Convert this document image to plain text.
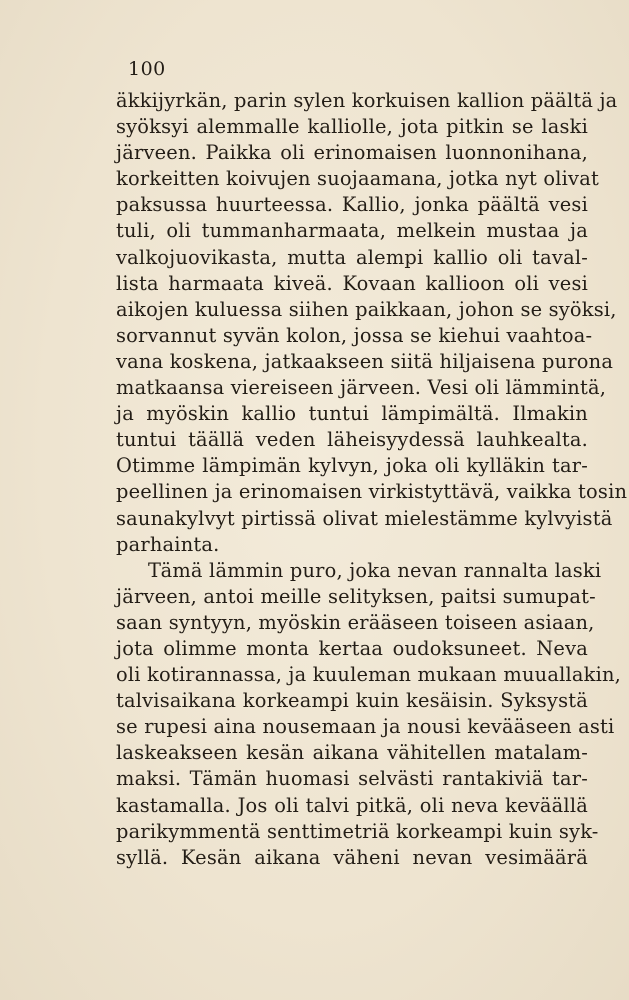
100
äkkijyrkän, parin sylen korkuisen kallion päältä ja
syöksyi alemmalle kalliolle, jota pitkin se laski
järveen. Paikka oli erinomaisen luonnonihana,
korkeitten koivujen suojaamana, jotka nyt olivat
paksussa huurteessa. Kallio, jonka päältä vesi
tuli, oli tummanharmaata, melkein mustaa ja
valkojuovikasta, mutta alempi kallio oli taval-
lista harmaata kiveä. Kovaan kallioon oli vesi
aikojen kuluessa siihen paikkaan, johon se syöksi,
sorvannut syvän kolon, jossa se kiehui vaahtoa-
vana koskena, jatkaakseen siitä hiljaisena purona
matkaansa viereiseen järveen. Vesi oli lämmintä,
ja myöskin kallio tuntui lämpimältä. Ilmakin
tuntui täällä veden läheisyydessä lauhkealta.
Otimme lämpimän kylvyn, joka oli kylläkin tar-
peellinen ja erinomaisen virkistyttävä, vaikka tosin
saunakylvyt pirtissä olivat mielestämme kylvyistä
parhainta.
Tämä lämmin puro, joka nevan rannalta laski
järveen, antoi meille selityksen, paitsi sumupat-
saan syntyyn, myöskin erääseen toiseen asiaan,
jota olimme monta kertaa oudoksuneet. Neva
oli kotirannassa, ja kuuleman mukaan muuallakin,
talvisaikana korkeampi kuin kesäisin. Syksystä
se rupesi aina nousemaan ja nousi kevääseen asti
laskeakseen kesän aikana vähitellen matalam-
maksi. Tämän huomasi selvästi rantakiviä tar-
kastamalla. Jos oli talvi pitkä, oli neva keväällä
parikymmentä senttimetriä korkeampi kuin syk-
syllä. Kesän aikana väheni nevan vesimäärä
